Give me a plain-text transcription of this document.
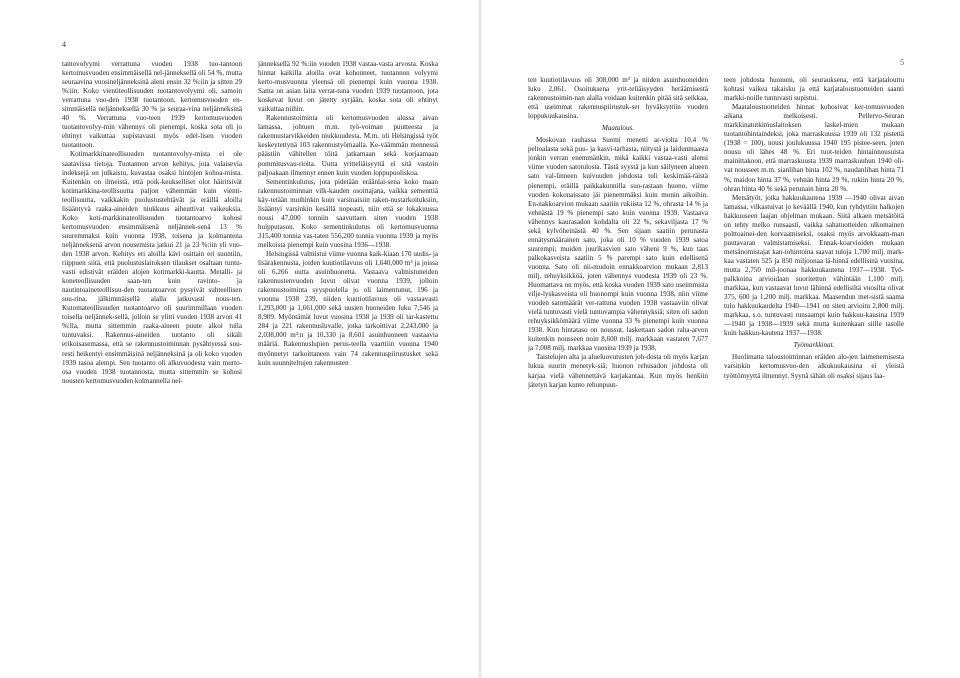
4

tantovolyymi verrattuna vuoden 1938 tuo-tantoon kertomusvuoden ensimmäisellä nel-jänneksellä oli 54 %, mutta seuraavina vuosineljänneksinä aleni ensin 32 %:iin ja sitten 29 %:iin. Koko vientiteollisuuden tuotantovolyymi oli, samoin verrattuna vuo-den 1938 tuotantoon, kertomusvuoden en-simmäisellä neljänneksellä 30 % ja seuraa-vina neljänneksinä 40 %. Verrattuna vuo-teen 1939 kertomusvuoden tuotantovolyy-min vähennys oli pienempi, koska sota oli jo ehtinyt vaikuttaa supistavasti myös edel-lisen vuoden tuotantoon.

Kotimarkkinateollisuuden tuotantovolyy-mista ei ole saatavissa tietoja. Tuotannon arvon kehitys, jota valaisevia indeksejä on julkaistu, kuvastaa osaksi hintojen kohoa-mista. Kuitenkin on ilmeistä, että poik-keukselliset olot häiritsivät kotimarkkina-teollisuutta paljon vähemmän kuin vienti-teollisuutta, vaikkakin puolustustehtävät ja eräillä aloilla lisääntyvä raaka-aineiden niukkuus aiheuttivat vaikeuksia. Koko koti-markkinateollisuuden tuotantoarvo kohosi kertomusvuoden ensimmäisenä neljännek-senä 13 % suuremmaksi kuin vuonna 1938, toisena ja kolmantena neljänneksenä arvon nousemista jatkui 21 ja 23 %:iin yli vuo-den 1938 arvon. Kehitys eri aloilla kävi osittain eri suuntiin, riippuen siitä, että puolustuslaitoksen tilaukset osaltaan tuntu-vasti edistivät eräiden alojen kotimarkki-kautta. Metalli- ja koneteollisuuden saan-ten kuin ravinto- ja nautintoaineteollisuu-den tuotantoarvot pysyivät suhteellisen suu-rina, jälkimmäisellä alalla jatkuvasti nous-ten. Kutomateollisuuden tuotantoarvo oli suurimmillaan vuoden toisella neljännek-sellä, jolloin se ylitti vuoden 1938 arvon 41 %:lla, mutta sittemmin raaka-aineen puute alkoi tulla tuntuvaksi. Rakennus-aineiden tuotanto oli sikäli erikoisasemassa, että se rakennustoiminnan pysähtyessä suu-resti heikentyi ensimmäisinä neljänneksinä ja oli koko vuoden 1939 tasoa alempi. Sen tuotanto oli alkuvuodesta vain murto-osa vuoden 1938 tuotannosta, mutta sittemmin se kohosi nousten kertomusvuoden kolmannella nel-

jänneksellä 92 %:iin vuoden 1938 vastaa-vasta arvosta. Koska hinnat kaikilla aloilla ovat kohonneet, tuotannon volyymi kerto-musvuonna yleensä oli pienempi kuin vuonna 1938. Sama on asian laita verrat-tuna vuoden 1939 tuotantoon, jota koskevat luvut on jätetty syrjään, koska sota oli ehtinyt vaikuttaa niihin.

Rakennustoiminta oli kertomusvuoden alussa aivan lamassa, johtuen m.m. työ-voiman puutteesta ja rakennustarvikkeiden niukkuudesta. M.m. oli Helsingissä työt keskeytettynä 103 rakennustyömaalla. Ke-väämmän mennessä päästiin vähitellen töitä jatkamaan sekä korjaamaan pommitusvau-rioita. Uutta yritteliäisyyttä ei sitä vastoin paljoakaan ilmennyt ennen kuin vuoden loppupuoliskoa.

Sementinkulutus, jota pidetään eräänlai-sena koko maan rakennustoiminnan vilk-kauden osoittajana, vaikka sementtiä käy-tetään muihinkin kuin varsinaisiin raken-nustarkoituksiin, lisääntyi varsinkin kesällä nopeasti, niin että se lokakuussa nousi 47,000 tonniin saavuttaen siten vuoden 1938 huipputason. Koko sementinkulutus oli kertomusvuonna 315,400 tonnia vas-taten 556,200 tonnia vuonna 1939 ja myös melkoista pienempi kuin vuosina 1936—1938.

Helsingissä valmistui viime vuonna kaik-kiaan 170 uudis- ja lisärakennusta, joiden kuutiotilavuus oli 1,640,000 m³ ja joissa oli 6,266 uutta asuinhuonetta. Vastaava valmistuneiden rakennustenvuoden luvut olivat vuonna 1939, jolloin rakennustoiminta syyspuolella jo oli laimentunut, 196 ja vuonna 1938 239, niiden kuutiotilavuus oli vastaavasti 1,293,000 ja 1,661,000 sekä uusien huoneiden luku 7,546 ja 8,909. Myöntämät luvut vuosina 1938 ja 1939 oli tar-kastettu 284 ja 221 rakennusluvalle, jotka tarkoittivat 2,243,000 ja 2,038,000 m³:n ja 10,330 ja 8,601 asuinhuoneen vastaavia määriä. Rakennuslupien perus-teella vaarttiin vuonna 1940 myönnetyt tarkoittaneen vain 74 rakennuspiirustusket sekä kuin suunniteltujen rakennusten

5

ten kuutiotilavuus oli 308,000 m³ ja niiden asuinhuoneiden luku 2,061. Osoituksena yrit-teliäisyyden heräämisestä rakennustoimin-nan alalla voidaan kuitenkin pitää sitä seikkaa, että useimmat rakennuspiirustuk-set hyväksyttiin vuoden loppukuukausina.

Maatalous.

Moskovan rauhassa Suomi menetti ar-violta 10.4 % peltoalasta sekä puu- ja kasvi-tarhasta, niitystä ja laidunmaasta jonkin verran enemmänkin, mikä kaikki vastaa-vasti alensi viime vuoden satotulosta. Tästä syystä ja kun säilyneen alueen sato val-linneen kuivuuden johdosta tuli keskimää-räistä pienempi, eräillä paikkakunnilla suo-rastaan huono, viime vuoden kokonaissato jäi pienemmäksi kuin monin aikoihin. En-nakkoarvion mukaan saatiin rukiista 12 %, ohrasta 14 % ja vehnästä 19 % pienempi sato kuin vuonna 1939. Vastaava vähennys kaurasadon kohdalta oli 22 %, sekaviljasta 17 % sekä kylvöheinästä 40 %. Sen sijaan saatiin perunasta ennätysmäärainen sato, joka oli 10 % vuoden 1939 satoa suurempi; muiden juurikasvien sato väheni 9 %, kun taas palkokasveista saatiin 5 % parempi sato kuin edellisenä vuonna. Sato oli nii-mudoin ennakkoarvion mukaan 2,813 milj. rehuyksikköä, joten vähennys vuodesta 1939 oli 23 %. Huomattava on myös, että koska vuoden 1939 sato useimmista vilje-lyskasveista oli huonompi kuin vuonna 1938, niin viime vuoden satomäärät ver-rattuna vuoden 1938 vastaaviin olivat vielä tuntuvasti vielä tuntuvampia vähennyksiä; siten oli sadon rehuyksikkömäärä viime vuonna 33 % pienempi kuin vuonna 1938. Kun hintataso on noussut, laskettaan sadon raha-arvon kuitenkin nousseen noin 8,600 milj. markkaan vastaten 7,677 ja 7,008 milj. markkaa vuosina 1939 ja 1938.

Taistelujen alta ja alueluovutusten joh-dosta oli myös karjan lukua suurin menetyk-siä; huonon rehusadon johdosta oli karjaa vielä vähennettävä karjakantaa. Kun myös henkiin jätetyn karjan kunto rehunpuut-

teen johdosta huononi, oli seurauksena, että karjatalouttu kohtasi vaikea takaisku ja että karjataloustuotteiden saanti markki-noille tuntuvasti supistui.

Maataloustuotteiden hinnat kohosivat ker-tomusvuoden aikana melkoisesti. Pellervo-Seuran markkinatutkimuslaitoksen laskel-mien mukaan tuotantohintaindeksi, joka marraskuussa 1939 oli 132 pistettä (1938 = 100), nousi joulukuussa 1940 195 pistee-seen, joten nousu oli lähes 48 %. Eri tuot-teiden hintainnousuista mainittakoon, että marraskuusta 1939 marraskuuhun 1940 oli-vat nousseet m.m. sianlihan hinta 102 %, naudanlihan hinta 71 %, maidon hinta 37 %, vehnän hinta 29 %, rukiin hinta 20 %, ohran hinta 40 % sekä perunain hinta 20 %.

Metsätyöt, jotka hakkuukautena 1939 —1940 olivat aivan lamassa, vilkastuivat jo keväällä 1940, kun ryhdyttiin halkojen hakkuuseen laajan ohjelman mukaan. Siitä alkaen metsätöitä on tehty melko runsaasti, vaikka sahatuotteiden ulkomainen polttoainei-den korvaamiseksi, osaksi myös arvokkaam-man puutavaran valmistamiseksi. Ennak-koarvioiden mukaan metsänomistajat kan-tohintoina saavat tuloja 1,700 milj. mark-kaa vastaten 525 ja 850 miljoonaa lä-hinnä edellisinä vuosina, mutta 2,750 mil-joonaa hakkuukautena 1937—1938. Työ-palkkoina arvioidaan suoritettun vähintään 1,100 milj. markkaa, kun vastaavat luvut lähinnä edellisiltä vuosilta olivat 375, 600 ja 1,200 milj. markkaa. Maasendun met-sistä saama tulo hakkuukaudelta 1940—1941 on siten arvioitu 2,800 milj. markkaa, s.o. tuntuvasti runsaampi kuin hakkuu-kausina 1939—1940 ja 1938—1939 sekä mutta kuitenkaan siille tasolle kuin hakkuu-kautena 1937—1938.

Työmarkkinat.

Huolimatta taloustoiminnan eräiden alo-jen laimenemisesta varsinkin kertomusvuo-den alkukuukausina ei yleistä työttömyyttä ilmennyt. Syynä tähän oli osaksi sijaus laa-
